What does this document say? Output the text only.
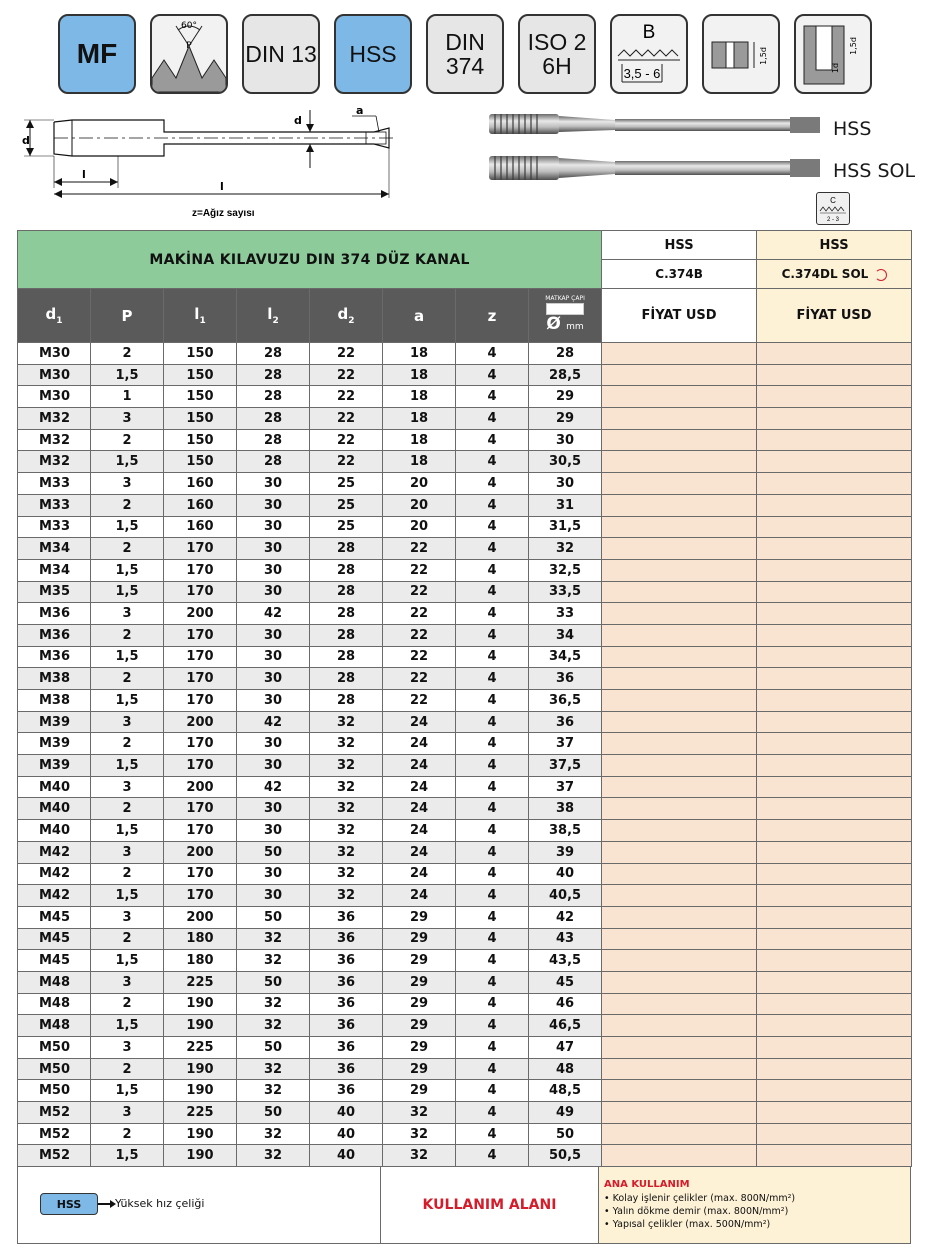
MF
60°
P DIN 13 HSS DIN
374
ISO 2
6H
B
3,5 - 6
1,5d
1,5d
1d
d
d
a
l
l
z=Ağız sayısı
HSS
HSS SOL
C
2 - 3
MAKİNA KILAVUZU DIN 374 DÜZ KANAL								HSS	HSS
								C.374B	C.374DL SOL
$d_1$	P	$l_1$	$l_2$	$d_2$	a	z	MATKAP ÇAPI
Ø mm	FİYAT USD	FİYAT USD
M30	2	150	28	22	18	4	28		
M30	1,5	150	28	22	18	4	28,5		
M30	1	150	28	22	18	4	29		
M32	3	150	28	22	18	4	29		
M32	2	150	28	22	18	4	30		
M32	1,5	150	28	22	18	4	30,5		
M33	3	160	30	25	20	4	30		
M33	2	160	30	25	20	4	31		
M33	1,5	160	30	25	20	4	31,5		
M34	2	170	30	28	22	4	32		
M34	1,5	170	30	28	22	4	32,5		
M35	1,5	170	30	28	22	4	33,5		
M36	3	200	42	28	22	4	33		
M36	2	170	30	28	22	4	34		
M36	1,5	170	30	28	22	4	34,5		
M38	2	170	30	28	22	4	36		
M38	1,5	170	30	28	22	4	36,5		
M39	3	200	42	32	24	4	36		
M39	2	170	30	32	24	4	37		
M39	1,5	170	30	32	24	4	37,5		
M40	3	200	42	32	24	4	37		
M40	2	170	30	32	24	4	38		
M40	1,5	170	30	32	24	4	38,5		
M42	3	200	50	32	24	4	39		
M42	2	170	30	32	24	4	40		
M42	1,5	170	30	32	24	4	40,5		
M45	3	200	50	36	29	4	42		
M45	2	180	32	36	29	4	43		
M45	1,5	180	32	36	29	4	43,5		
M48	3	225	50	36	29	4	45		
M48	2	190	32	36	29	4	46		
M48	1,5	190	32	36	29	4	46,5		
M50	3	225	50	36	29	4	47		
M50	2	190	32	36	29	4	48		
M50	1,5	190	32	36	29	4	48,5		
M52	3	225	50	40	32	4	49		
M52	2	190	32	40	32	4	50		
M52	1,5	190	32	40	32	4	50,5		
HSS	Yüksek hız çeliği	KULLANIM ALANI
ANA KULLANIM
• Kolay işlenir çelikler (max. 800N/mm²)
• Yalın dökme demir (max. 800N/mm²)
• Yapısal çelikler (max. 500N/mm²)
